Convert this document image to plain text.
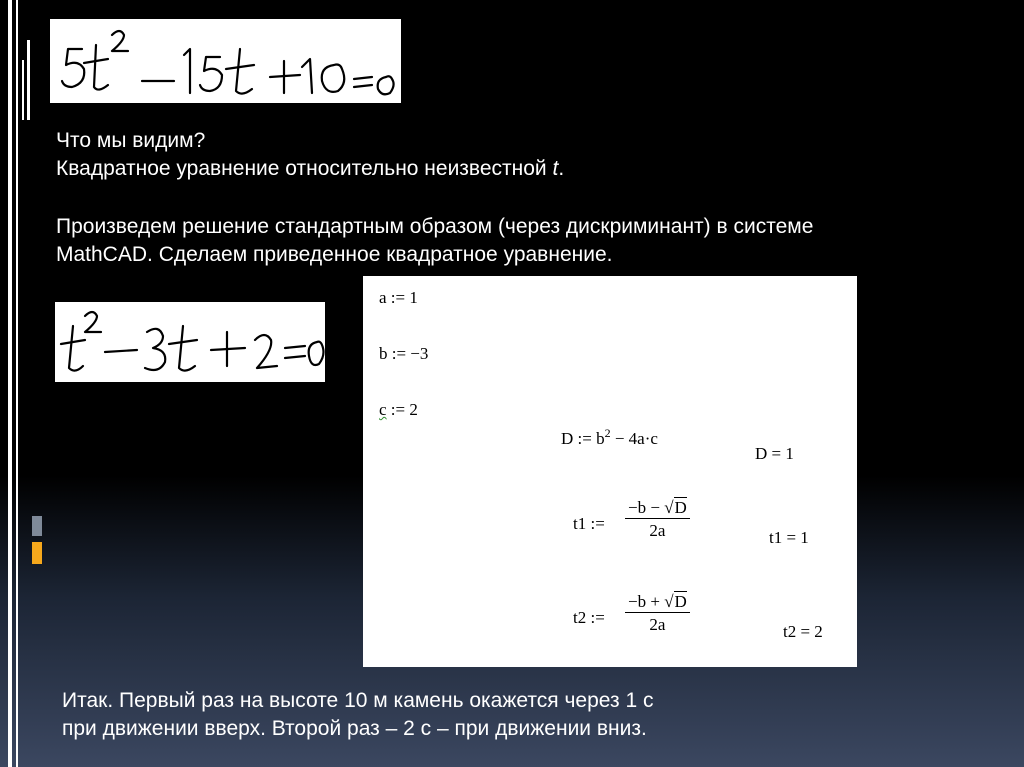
Что мы видим?

Квадратное уравнение относительно неизвестной t.

Произведем решение стандартным образом (через дискриминант) в системе

MathCAD. Сделаем приведенное квадратное уравнение.

a := 1
b := −3
c := 2
D := $b^2 - 4a\cdot c$
D = 1
t1 := $\frac{-b - √D}{2a}$	t1 = 1
t2 := $\frac{-b + √D}{2a}$	t2 = 2

Итак. Первый раз на высоте 10 м камень окажется через 1 с

при движении вверх. Второй раз – 2 с – при движении вниз.
